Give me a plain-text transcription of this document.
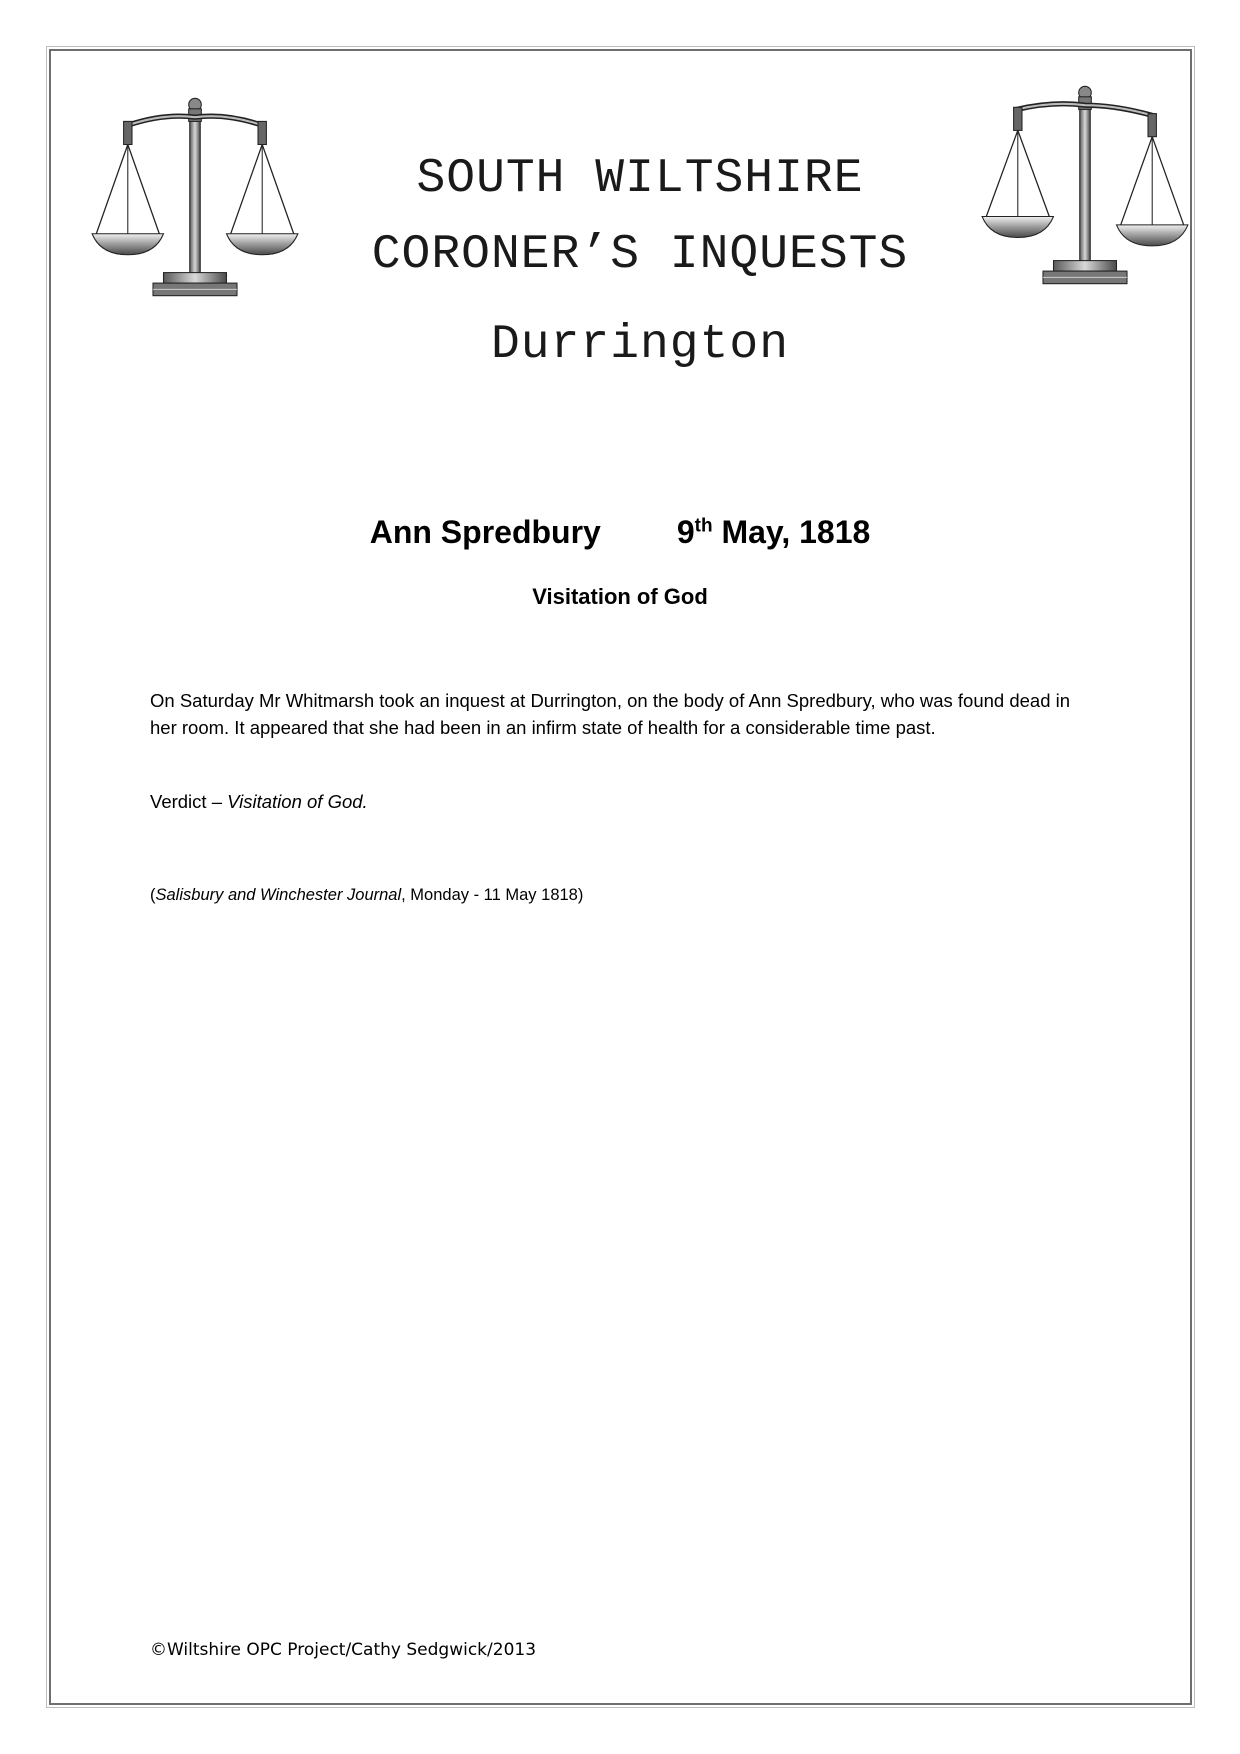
SOUTH WILTSHIRE
CORONER’S INQUESTS
Durrington
Ann Spredbury 9th May, 1818
Visitation of God

On Saturday Mr Whitmarsh took an inquest at Durrington, on the body of Ann Spredbury, who was found dead in her room. It appeared that she had been in an infirm state of health for a considerable time past.

Verdict – Visitation of God.

(Salisbury and Winchester Journal, Monday - 11 May 1818)

©Wiltshire OPC Project/Cathy Sedgwick/2013
